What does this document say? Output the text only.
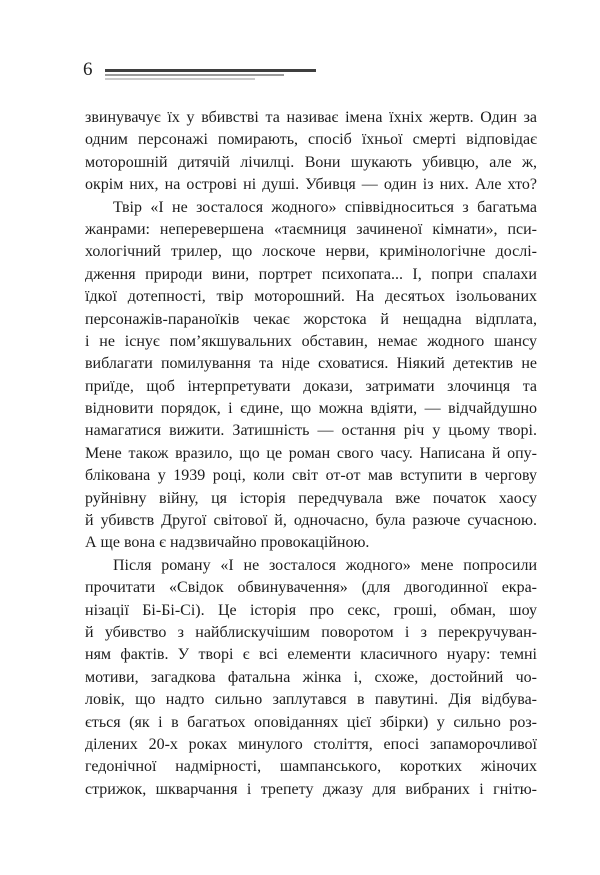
6
звинувачує їх у вбивстві та називає імена їхніх жертв. Один за
одним персонажі помирають, спосіб їхньої смерті відповідає
моторошній дитячій лічилці. Вони шукають убивцю, але ж,
окрім них, на острові ні душі. Убивця — один із них. Але хто?
Твір «І не зосталося жодного» співвідноситься з багатьма
жанрами: неперевершена «таємниця зачиненої кімнати», пси-
хологічний трилер, що лоскоче нерви, кримінологічне дослі-
дження природи вини, портрет психопата... І, попри спалахи
їдкої дотепності, твір моторошний. На десятьох ізольованих
персонажів-параноїків чекає жорстока й нещадна відплата,
і не існує пом’якшувальних обставин, немає жодного шансу
виблагати помилування та ніде сховатися. Ніякий детектив не
приїде, щоб інтерпретувати докази, затримати злочинця та
відновити порядок, і єдине, що можна вдіяти, — відчайдушно
намагатися вижити. Затишність — остання річ у цьому творі.
Мене також вразило, що це роман свого часу. Написана й опу-
блікована у 1939 році, коли світ от-от мав вступити в чергову
руйнівну війну, ця історія передчувала вже початок хаосу
й убивств Другої світової й, одночасно, була разюче сучасною.
А ще вона є надзвичайно провокаційною.
Після роману «І не зосталося жодного» мене попросили
прочитати «Свідок обвинувачення» (для двогодинної екра-
нізації Бі-Бі-Сі). Це історія про секс, гроші, обман, шоу
й убивство з найблискучішим поворотом і з перекручуван-
ням фактів. У творі є всі елементи класичного нуару: темні
мотиви, загадкова фатальна жінка і, схоже, достойний чо-
ловік, що надто сильно заплутався в павутині. Дія відбува-
ється (як і в багатьох оповіданнях цієї збірки) у сильно роз-
ділених 20-х роках минулого століття, епосі запаморочливої
гедонічної надмірності, шампанського, коротких жіночих
стрижок, шкварчання і трепету джазу для вибраних і гнітю-
